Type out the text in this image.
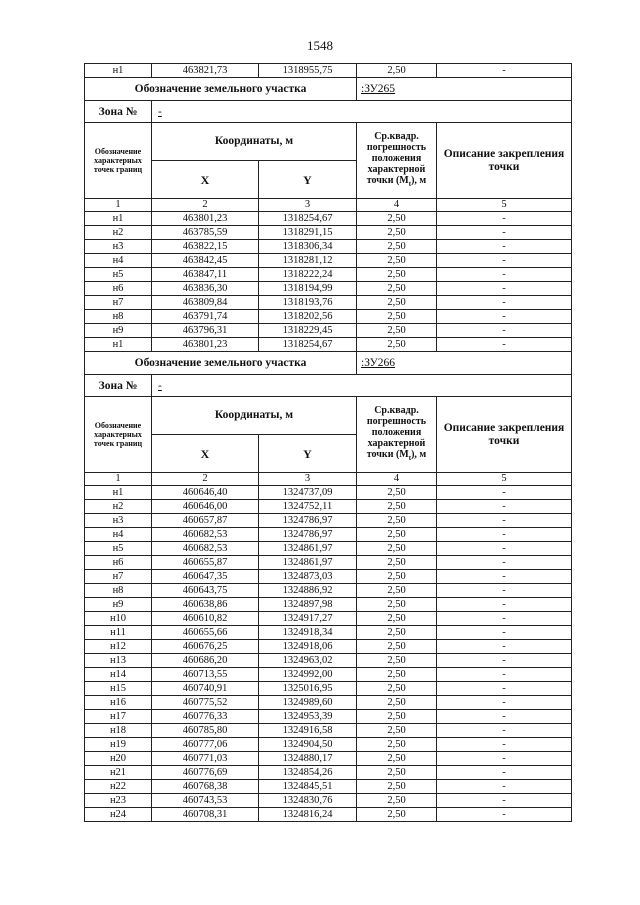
1548
н1	463821,73	1318955,75	2,50	-
Обозначение земельного участка			:ЗУ265	
Зона №	-			
Обозначение характерных точек границ	Координаты, м		Ср.квадр. погрешность положения характерной точки $(M_t)$, м	Описание закрепления точки
	X	Y		
1	2	3	4	5
н1	463801,23	1318254,67	2,50	-
н2	463785,59	1318291,15	2,50	-
н3	463822,15	1318306,34	2,50	-
н4	463842,45	1318281,12	2,50	-
н5	463847,11	1318222,24	2,50	-
н6	463836,30	1318194,99	2,50	-
н7	463809,84	1318193,76	2,50	-
н8	463791,74	1318202,56	2,50	-
н9	463796,31	1318229,45	2,50	-
н1	463801,23	1318254,67	2,50	-
Обозначение земельного участка			:ЗУ266	
Зона №	-			
Обозначение характерных точек границ	Координаты, м		Ср.квадр. погрешность положения характерной точки $(M_t)$, м	Описание закрепления точки
	X	Y		
1	2	3	4	5
н1	460646,40	1324737,09	2,50	-
н2	460646,00	1324752,11	2,50	-
н3	460657,87	1324786,97	2,50	-
н4	460682,53	1324786,97	2,50	-
н5	460682,53	1324861,97	2,50	-
н6	460655,87	1324861,97	2,50	-
н7	460647,35	1324873,03	2,50	-
н8	460643,75	1324886,92	2,50	-
н9	460638,86	1324897,98	2,50	-
н10	460610,82	1324917,27	2,50	-
н11	460655,66	1324918,34	2,50	-
н12	460676,25	1324918,06	2,50	-
н13	460686,20	1324963,02	2,50	-
н14	460713,55	1324992,00	2,50	-
н15	460740,91	1325016,95	2,50	-
н16	460775,52	1324989,60	2,50	-
н17	460776,33	1324953,39	2,50	-
н18	460785,80	1324916,58	2,50	-
н19	460777,06	1324904,50	2,50	-
н20	460771,03	1324880,17	2,50	-
н21	460776,69	1324854,26	2,50	-
н22	460768,38	1324845,51	2,50	-
н23	460743,53	1324830,76	2,50	-
н24	460708,31	1324816,24	2,50	-
